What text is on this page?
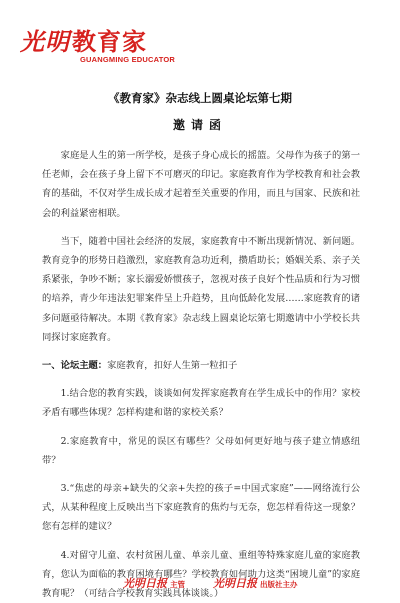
光明教育家
GUANGMING EDUCATOR
《教育家》杂志线上圆桌论坛第七期
邀请函

家庭是人生的第一所学校，是孩子身心成长的摇篮。父母作为孩子的第一任老师，会在孩子身上留下不可磨灭的印记。家庭教育作为学校教育和社会教育的基础，不仅对学生成长成才起着至关重要的作用，而且与国家、民族和社会的利益紧密相联。

当下，随着中国社会经济的发展，家庭教育中不断出现新情况、新问题。教育竞争的形势日趋激烈，家庭教育急功近利，攒盾助长；婚姻关系、亲子关系紧张，争吵不断；家长溺爱娇惯孩子，忽视对孩子良好个性品质和行为习惯的培养，青少年违法犯罪案件呈上升趋势，且向低龄化发展……家庭教育的诸多问题亟待解决。本期《教育家》杂志线上圆桌论坛第七期邀请中小学校长共同探讨家庭教育。

一、论坛主题：家庭教育，扣好人生第一粒扣子

1.结合您的教育实践，谈谈如何发挥家庭教育在学生成长中的作用？家校矛盾有哪些体现？怎样构建和谐的家校关系？

2.家庭教育中，常见的误区有哪些？父母如何更好地与孩子建立情感纽带？

3.“焦虑的母亲+缺失的父亲+失控的孩子=中国式家庭”——网络流行公式，从某种程度上反映出当下家庭教育的焦灼与无奈，您怎样看待这一现象？您有怎样的建议？

4.对留守儿童、农村贫困儿童、单亲儿童、重组等特殊家庭儿童的家庭教育，您认为面临的教育困境有哪些？学校教育如何助力这类“困境儿童”的家庭教育呢？（可结合学校教育实践具体谈谈。）

光明日报 主管	光明日报 出版社主办
